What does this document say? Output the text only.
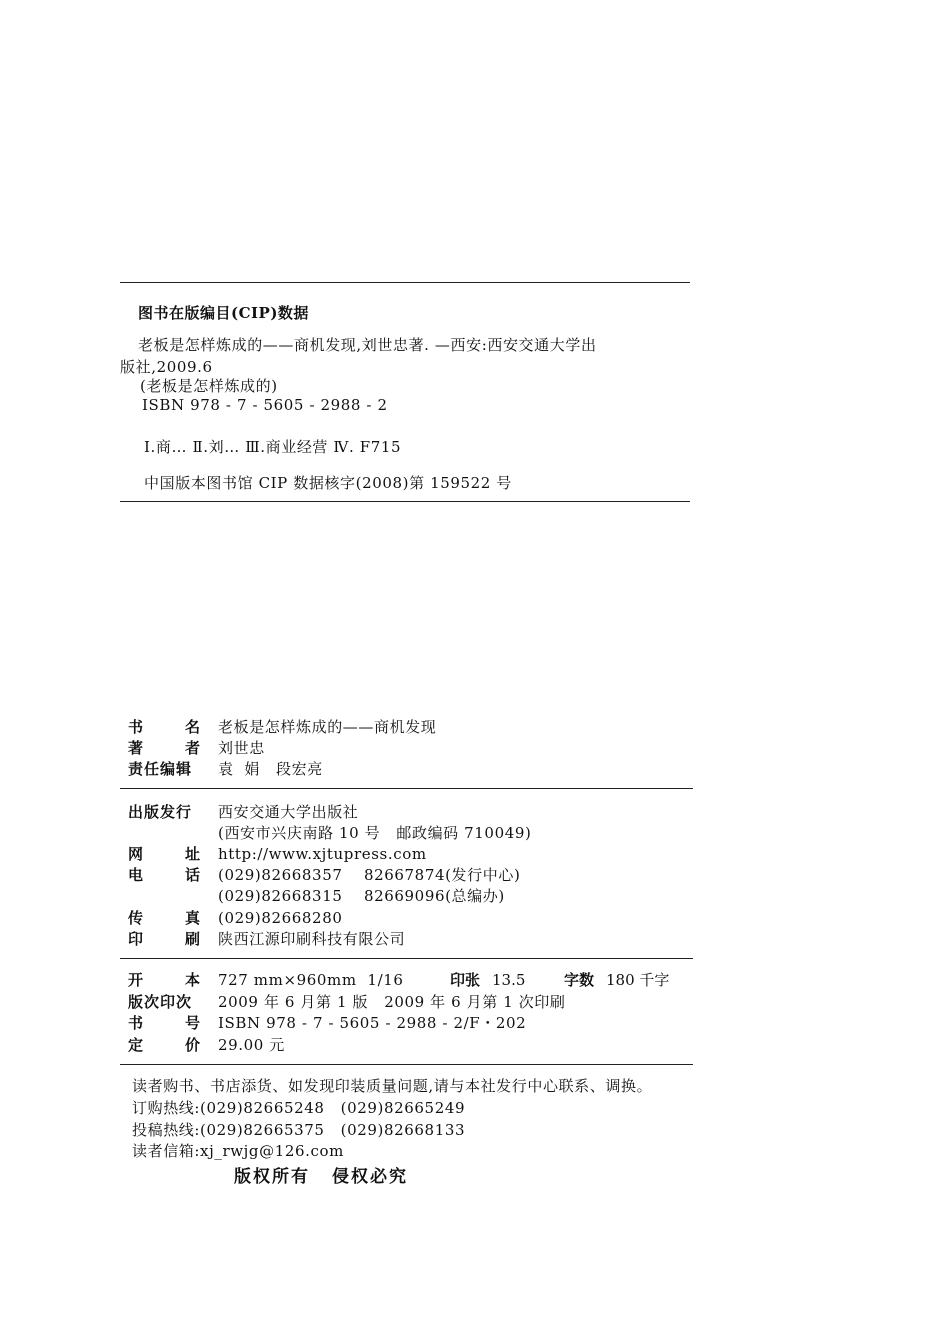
图书在版编目(CIP)数据
老板是怎样炼成的——商机发现,刘世忠著. —西安:西安交通大学出
版社,2009.6
(老板是怎样炼成的)
ISBN 978 - 7 - 5605 - 2988 - 2
Ⅰ.商… Ⅱ.刘… Ⅲ.商业经营 Ⅳ. F715
中国版本图书馆 CIP 数据核字(2008)第 159522 号
书	名 老板是怎样炼成的——商机发现
著	者 刘世忠
责任编辑	袁  娟   段宏亮
出版发行	西安交通大学出版社
(西安市兴庆南路 10 号   邮政编码 710049)
网	址 http://www.xjtupress.com
电	话 (029)82668357    82667874(发行中心)
(029)82668315    82669096(总编办)
传	真 (029)82668280
印	刷 陕西江源印刷科技有限公司
开	本 727 mm×960mm  1/16	印张 13.5	字数 180 千字
版次印次	2009 年 6 月第 1 版   2009 年 6 月第 1 次印刷
书	号 ISBN 978 - 7 - 5605 - 2988 - 2/F・202
定	价 29.00 元
读者购书、书店添货、如发现印装质量问题,请与本社发行中心联系、调换。
订购热线:(029)82665248   (029)82665249
投稿热线:(029)82665375   (029)82668133
读者信箱:xj_rwjg@126.com
版权所有 侵权必究
